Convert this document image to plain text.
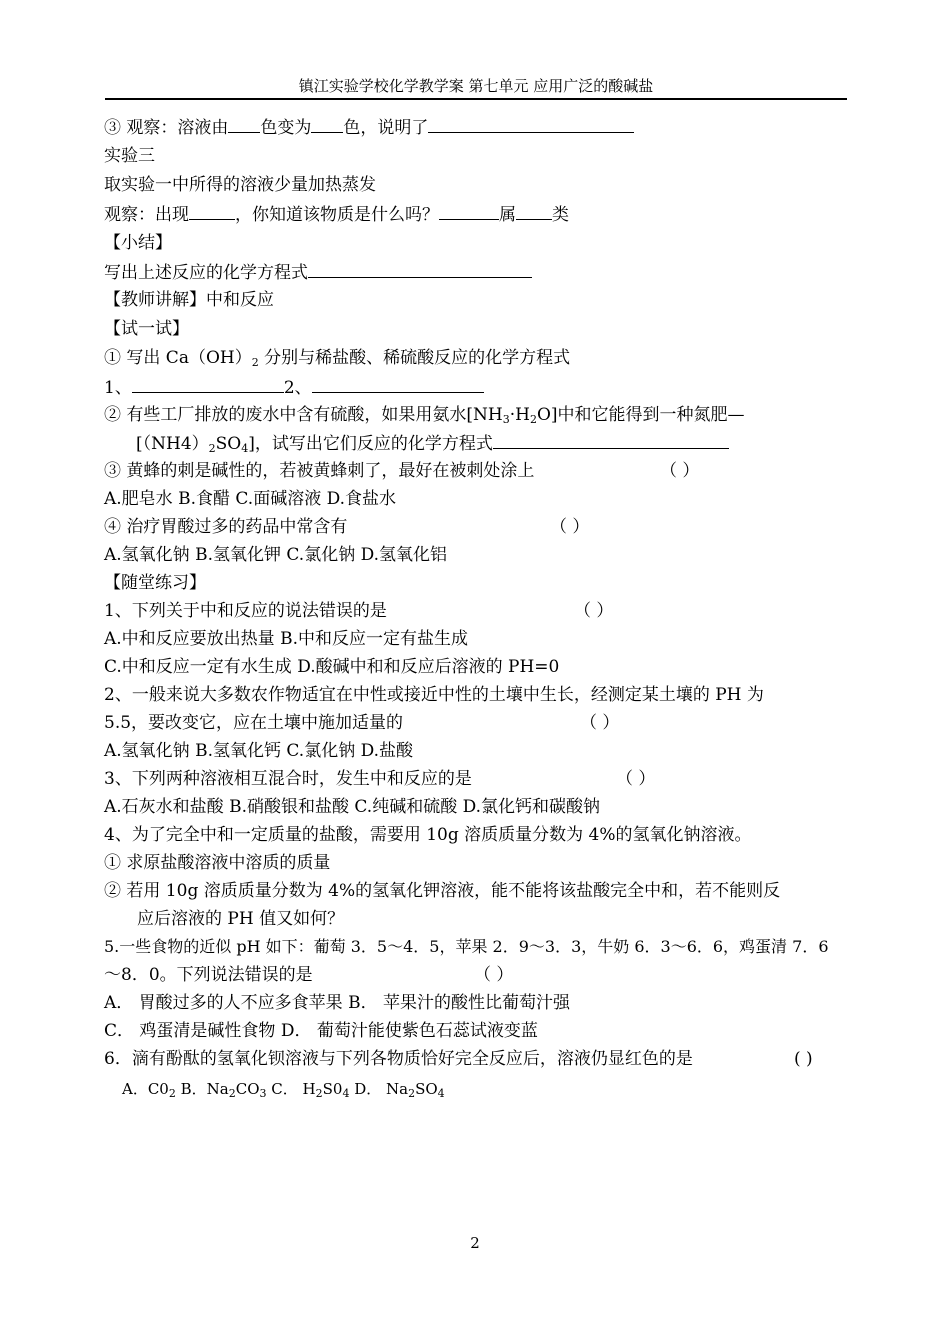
镇江实验学校化学教学案 第七单元 应用广泛的酸碱盐
③ 观察：溶液由 色变为 色，说明了
实验三
取实验一中所得的溶液少量加热蒸发
观察：出现	，你知道该物质是什么吗？	属 类
【小结】
写出上述反应的化学方程式
【教师讲解】中和反应
【试一试】
① 写出 $Ca(OH)_2$ 分别与稀盐酸、稀硫酸反应的化学方程式
1、	2、
② 有些工厂排放的废水中含有硫酸，如果用氨水$[NH_3\cdot H_2O]$中和它能得到一种氮肥—
$[(NH4)_2SO_4]$，试写出它们反应的化学方程式
③ 黄蜂的刺是碱性的，若被黄蜂刺了，最好在被刺处涂上	（ ）
A.肥皂水 B.食醋 C.面碱溶液 D.食盐水
④ 治疗胃酸过多的药品中常含有	（ ）
A.氢氧化钠 B.氢氧化钾 C.氯化钠 D.氢氧化铝
【随堂练习】
1、下列关于中和反应的说法错误的是	（ ）
A.中和反应要放出热量 B.中和反应一定有盐生成
C.中和反应一定有水生成 D.酸碱中和和反应后溶液的 PH=0
2、一般来说大多数农作物适宜在中性或接近中性的土壤中生长，经测定某土壤的 PH 为
5.5，要改变它，应在土壤中施加适量的	（ ）
A.氢氧化钠 B.氢氧化钙 C.氯化钠 D.盐酸
3、下列两种溶液相互混合时，发生中和反应的是	（ ）
A.石灰水和盐酸 B.硝酸银和盐酸 C.纯碱和硫酸 D.氯化钙和碳酸钠
4、为了完全中和一定质量的盐酸，需要用 10g 溶质质量分数为 4%的氢氧化钠溶液。
① 求原盐酸溶液中溶质的质量
② 若用 10g 溶质质量分数为 4%的氢氧化钾溶液，能不能将该盐酸完全中和，若不能则反
应后溶液的 PH 值又如何？
5.一些食物的近似 pH 如下：葡萄 3．5～4．5，苹果 2．9～3．3，牛奶 6．3～6．6，鸡蛋清 7．6
～8．0。下列说法错误的是	（ ）
A． 胃酸过多的人不应多食苹果 B． 苹果汁的酸性比葡萄汁强
C． 鸡蛋清是碱性食物 D． 葡萄汁能使紫色石蕊试液变蓝
6．滴有酚酞的氢氧化钡溶液与下列各物质恰好完全反应后，溶液仍显红色的是	( )
A．$C0_2$ B．$Na_2CO_3$ C． $H_2S0_4$ D． $Na_2SO_4$
2
